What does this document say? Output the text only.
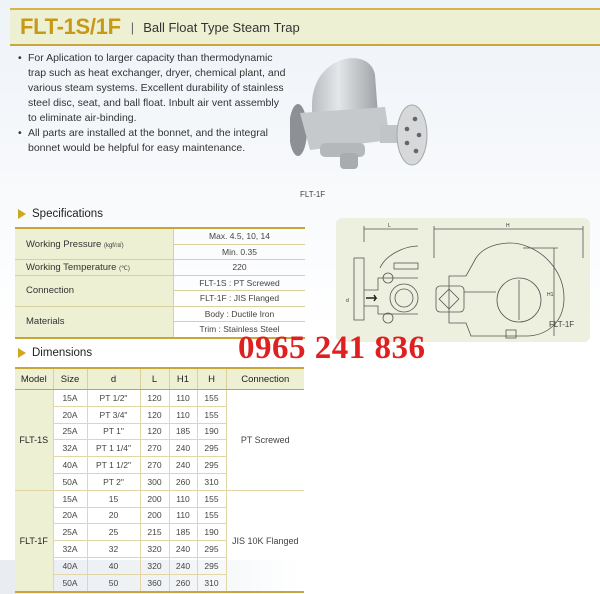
FLT-1S/1F | Ball Float Type Steam Trap
• For Aplication to larger capacity than thermodynamic trap such as heat exchanger, dryer, chemical plant, and various steam systems. Excellent durability of stainless steel disc, seat, and ball float. Inbult air vent assembly to eliminate air-binding.
• All parts are installed at the bonnet, and the integral bonnet would be helpful for easy maintenance.
FLT-1F
Specifications
Working Pressure (kgf/㎠)	Max. 4.5, 10, 14
	Min. 0.35
Working Temperature (℃)	220
Connection	FLT-1S : PT Screwed
	FLT-1F : JIS Flanged
Materials	Body : Ductile Iron
	Trim : Stainless Steel
L	H
H1
d
FLT-1F
0965 241 836
Dimensions
Model	Size	d	L	H1	H	Connection
FLT-1S	15A	PT 1/2"	120	110	155	PT Screwed
	20A	PT 3/4"	120	110	155	
	25A	PT 1"	120	185	190	
	32A	PT 1 1/4"	270	240	295	
	40A	PT 1 1/2"	270	240	295	
	50A	PT 2"	300	260	310	
FLT-1F	15A	15	200	110	155	JIS 10K Flanged
	20A	20	200	110	155	
	25A	25	215	185	190	
	32A	32	320	240	295	
	40A	40	320	240	295	
	50A	50	360	260	310	
